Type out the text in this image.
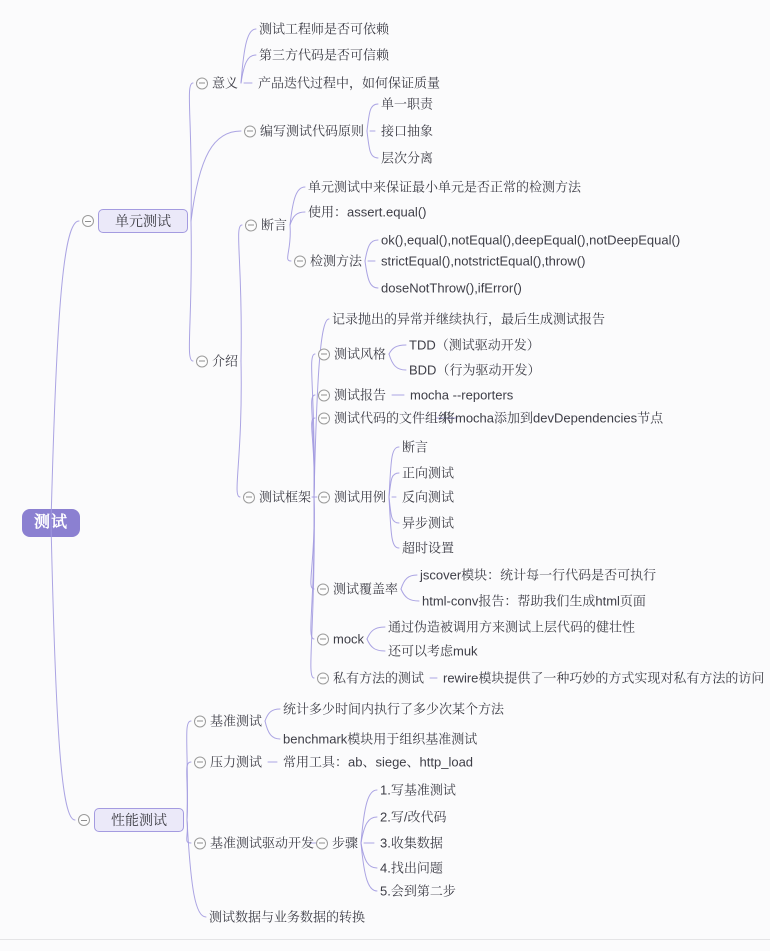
测试
单元测试
性能测试
意义
测试工程师是否可依赖
第三方代码是否可信赖
产品迭代过程中，如何保证质量
编写测试代码原则
单一职责
接口抽象
层次分离
介绍
断言
单元测试中来保证最小单元是否正常的检测方法
使用：assert.equal()
检测方法
ok(),equal(),notEqual(),deepEqual(),notDeepEqual()
strictEqual(),notstrictEqual(),throw()
doseNotThrow(),ifError()
测试框架
记录抛出的异常并继续执行，最后生成测试报告
测试风格
TDD（测试驱动开发）
BDD（行为驱动开发）
测试报告 mocha --reporters
测试代码的文件组织
将mocha添加到devDependencies节点
测试用例
断言
正向测试
反向测试
异步测试
超时设置
测试覆盖率
jscover模块：统计每一行代码是否可执行
html-conv报告：帮助我们生成html页面
mock
通过伪造被调用方来测试上层代码的健壮性
还可以考虑muk
私有方法的测试 rewire模块提供了一种巧妙的方式实现对私有方法的访问
基准测试
统计多少时间内执行了多少次某个方法
benchmark模块用于组织基准测试
压力测试 常用工具：ab、siege、http_load
基准测试驱动开发 步骤
1.写基准测试
2.写/改代码
3.收集数据
4.找出问题
5.会到第二步
测试数据与业务数据的转换
